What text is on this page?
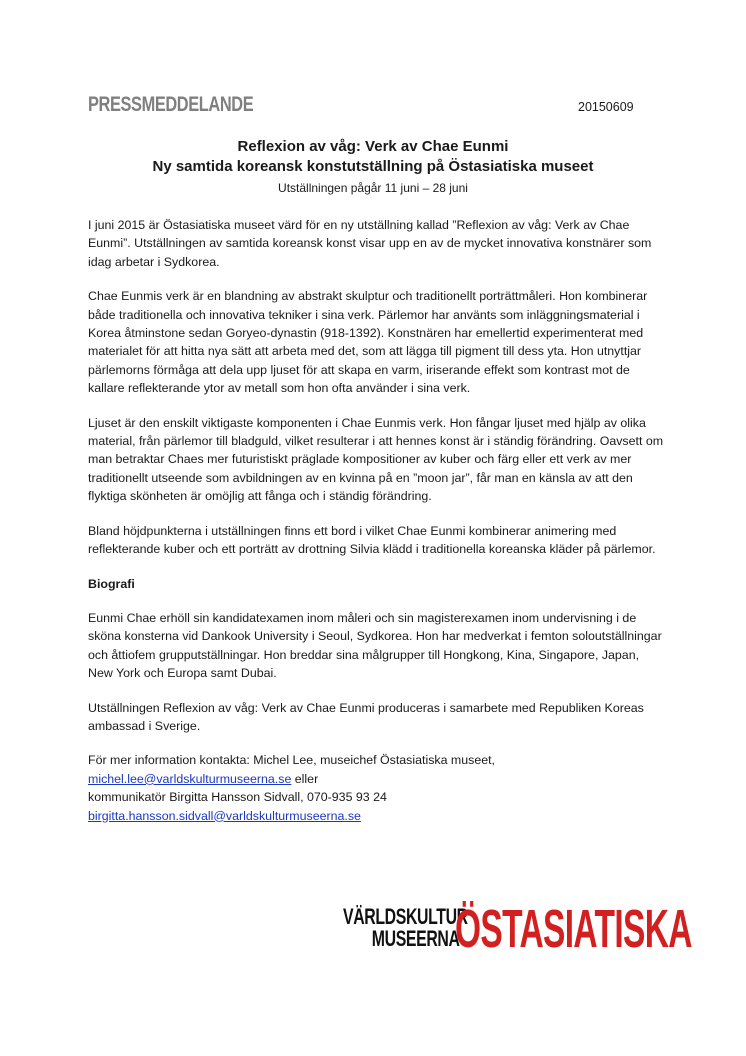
PRESSMEDDELANDE	20150609

Reflexion av våg: Verk av Chae Eunmi

Ny samtida koreansk konstutställning på Östasiatiska museet

Utställningen pågår 11 juni – 28 juni

I juni 2015 är Östasiatiska museet värd för en ny utställning kallad ”Reflexion av våg: Verk av Chae Eunmi”. Utställningen av samtida koreansk konst visar upp en av de mycket innovativa konstnärer som idag arbetar i Sydkorea.

Chae Eunmis verk är en blandning av abstrakt skulptur och traditionellt porträttmåleri. Hon kombinerar både traditionella och innovativa tekniker i sina verk. Pärlemor har använts som inläggningsmaterial i Korea åtminstone sedan Goryeo-dynastin (918-1392). Konstnären har emellertid experimenterat med materialet för att hitta nya sätt att arbeta med det, som att lägga till pigment till dess yta. Hon utnyttjar pärlemorns förmåga att dela upp ljuset för att skapa en varm, iriserande effekt som kontrast mot de kallare reflekterande ytor av metall som hon ofta använder i sina verk.

Ljuset är den enskilt viktigaste komponenten i Chae Eunmis verk. Hon fångar ljuset med hjälp av olika material, från pärlemor till bladguld, vilket resulterar i att hennes konst är i ständig förändring. Oavsett om man betraktar Chaes mer futuristiskt präglade kompositioner av kuber och färg eller ett verk av mer traditionellt utseende som avbildningen av en kvinna på en ”moon jar”, får man en känsla av att den flyktiga skönheten är omöjlig att fånga och i ständig förändring.

Bland höjdpunkterna i utställningen finns ett bord i vilket Chae Eunmi kombinerar animering med reflekterande kuber och ett porträtt av drottning Silvia klädd i traditionella koreanska kläder på pärlemor.

Biografi

Eunmi Chae erhöll sin kandidatexamen inom måleri och sin magisterexamen inom undervisning i de sköna konsterna vid Dankook University i Seoul, Sydkorea. Hon har medverkat i femton soloutställningar och åttiofem grupputställningar. Hon breddar sina målgrupper till Hongkong, Kina, Singapore, Japan, New York och Europa samt Dubai.

Utställningen Reflexion av våg: Verk av Chae Eunmi produceras i samarbete med Republiken Koreas ambassad i Sverige.

För mer information kontakta: Michel Lee, museichef Östasiatiska museet,

michel.lee@varldskulturmuseerna.se eller

kommunikatör Birgitta Hansson Sidvall, 070-935 93 24

birgitta.hansson.sidvall@varldskulturmuseerna.se

VÄRLDSKULTUR
MUSEERNA
ÖSTASIATISKA
